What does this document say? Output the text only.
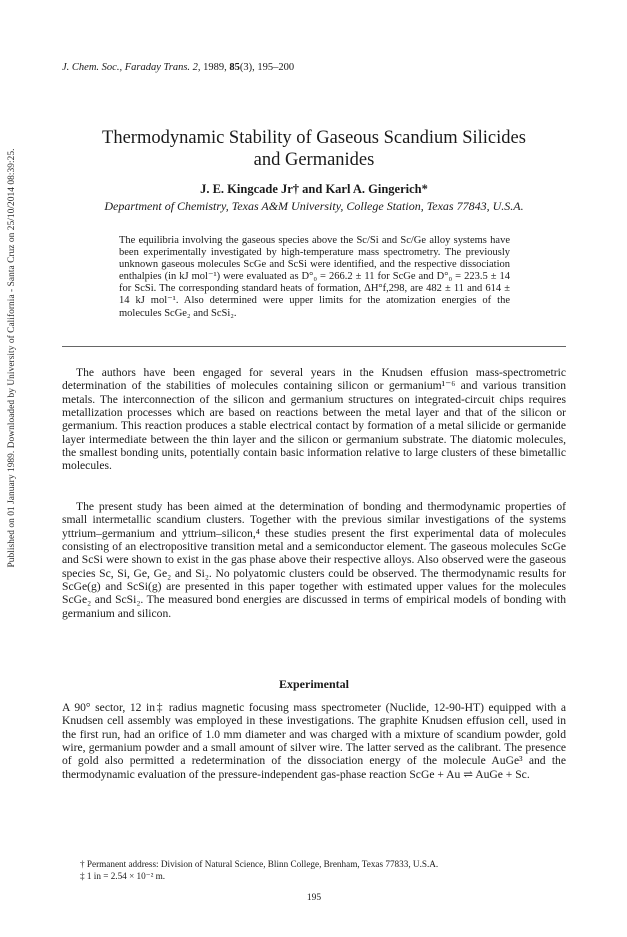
Published on 01 January 1989. Downloaded by University of California - Santa Cruz on 25/10/2014 08:39:25.
J. Chem. Soc., Faraday Trans. 2, 1989, 85(3), 195–200
Thermodynamic Stability of Gaseous Scandium Silicides
and Germanides
J. E. Kingcade Jr† and Karl A. Gingerich*
Department of Chemistry, Texas A&M University, College Station, Texas 77843, U.S.A.
The equilibria involving the gaseous species above the Sc/Si and Sc/Ge alloy systems have been experimentally investigated by high-temperature mass spectrometry. The previously unknown gaseous molecules ScGe and ScSi were identified, and the respective dissociation enthalpies (in kJ mol⁻¹) were evaluated as D°₀ = 266.2 ± 11 for ScGe and D°₀ = 223.5 ± 14 for ScSi. The corresponding standard heats of formation, ΔH°f,298, are 482 ± 11 and 614 ± 14 kJ mol⁻¹. Also determined were upper limits for the atomization energies of the molecules ScGe₂ and ScSi₂.

The authors have been engaged for several years in the Knudsen effusion mass-spectrometric determination of the stabilities of molecules containing silicon or germanium¹⁻⁶ and various transition metals. The interconnection of the silicon and germanium structures on integrated-circuit chips requires metallization processes which are based on reactions between the metal layer and that of the silicon or germanium. This reaction produces a stable electrical contact by formation of a metal silicide or germanide layer intermediate between the thin layer and the silicon or germanium substrate. The diatomic molecules, the smallest bonding units, potentially contain basic information relative to large clusters of these bimetallic molecules.

The present study has been aimed at the determination of bonding and thermodynamic properties of small intermetallic scandium clusters. Together with the previous similar investigations of the systems yttrium–germanium and yttrium–silicon,⁴ these studies present the first experimental data of molecules consisting of an electropositive transition metal and a semiconductor element. The gaseous molecules ScGe and ScSi were shown to exist in the gas phase above their respective alloys. Also observed were the gaseous species Sc, Si, Ge, Ge₂ and Si₂. No polyatomic clusters could be observed. The thermodynamic results for ScGe(g) and ScSi(g) are presented in this paper together with estimated upper values for the molecules ScGe₂ and ScSi₂. The measured bond energies are discussed in terms of empirical models of bonding with germanium and silicon.

Experimental

A 90° sector, 12 in‡ radius magnetic focusing mass spectrometer (Nuclide, 12-90-HT) equipped with a Knudsen cell assembly was employed in these investigations. The graphite Knudsen effusion cell, used in the first run, had an orifice of 1.0 mm diameter and was charged with a mixture of scandium powder, gold wire, germanium powder and a small amount of silver wire. The latter served as the calibrant. The presence of gold also permitted a redetermination of the dissociation energy of the molecule AuGe³ and the thermodynamic evaluation of the pressure-independent gas-phase reaction ScGe + Au ⇌ AuGe + Sc.

† Permanent address: Division of Natural Science, Blinn College, Brenham, Texas 77833, U.S.A.
‡ 1 in = 2.54 × 10⁻² m.
195
